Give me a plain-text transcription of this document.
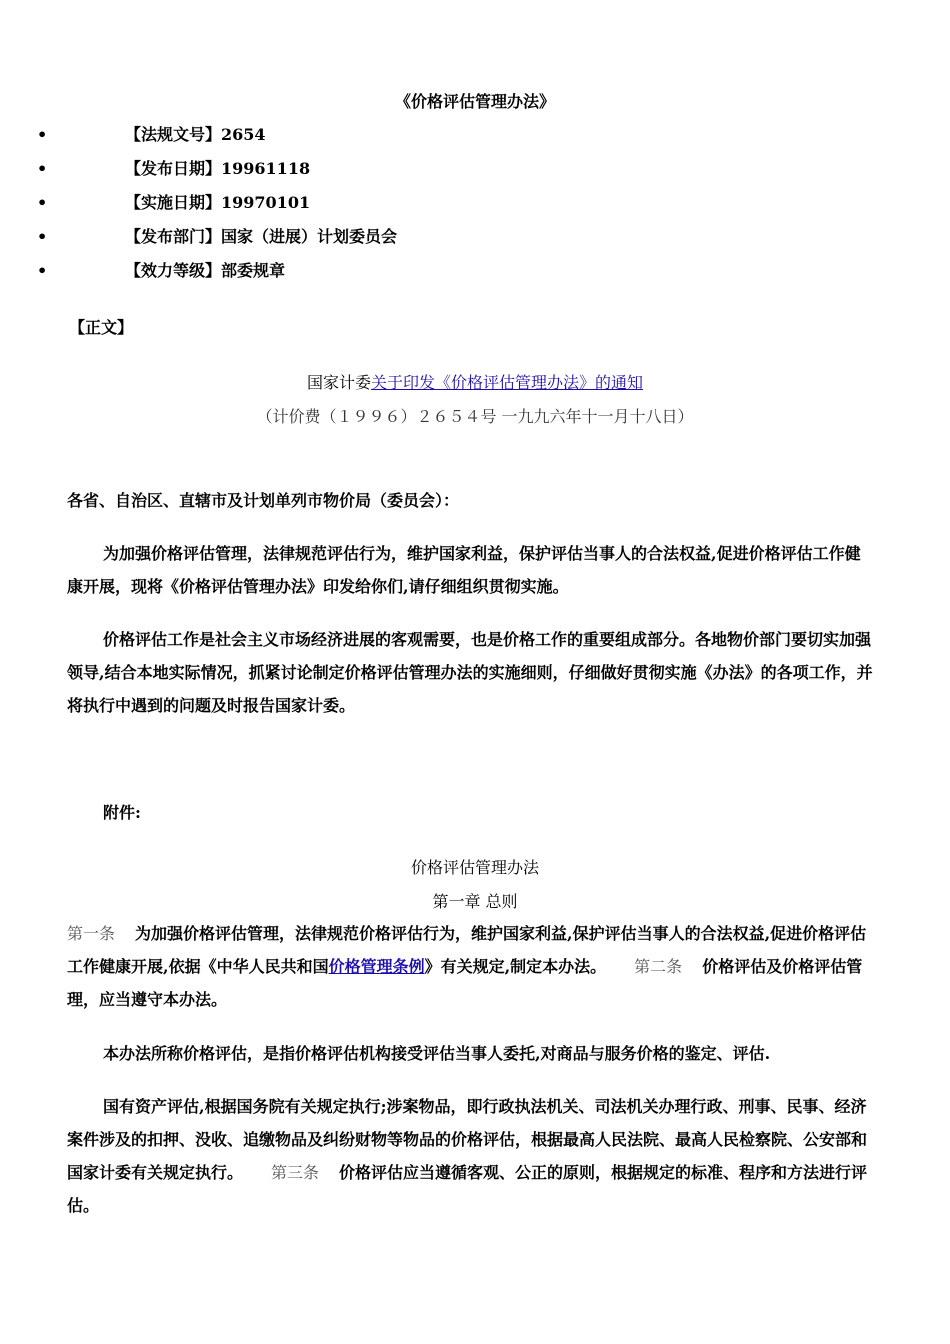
《价格评估管理办法》
•	【法规文号】2654
•	【发布日期】19961118
•	【实施日期】19970101
•	【发布部门】国家（进展）计划委员会
•	【效力等级】部委规章
【正文】
国家计委关于印发《价格评估管理办法》的通知
（计价费（１９９６）２６５４号 一九九六年十一月十八日）
各省、自治区、直辖市及计划单列市物价局（委员会）：
为加强价格评估管理，法律规范评估行为，维护国家利益，保护评估当事人的合法权益,促进价格评估工作健康开展，现将《价格评估管理办法》印发给你们,请仔细组织贯彻实施。
价格评估工作是社会主义市场经济进展的客观需要，也是价格工作的重要组成部分。各地物价部门要切实加强领导,结合本地实际情况，抓紧讨论制定价格评估管理办法的实施细则，仔细做好贯彻实施《办法》的各项工作，并将执行中遇到的问题及时报告国家计委。
附件:
价格评估管理办法
第一章 总则
第一条 为加强价格评估管理，法律规范价格评估行为，维护国家利益,保护评估当事人的合法权益,促进价格评估工作健康开展,依据《中华人民共和国价格管理条例》有关规定,制定本办法。 第二条 价格评估及价格评估管理，应当遵守本办法。
本办法所称价格评估，是指价格评估机构接受评估当事人委托,对商品与服务价格的鉴定、评估.
国有资产评估,根据国务院有关规定执行;涉案物品，即行政执法机关、司法机关办理行政、刑事、民事、经济案件涉及的扣押、没收、追缴物品及纠纷财物等物品的价格评估，根据最高人民法院、最高人民检察院、公安部和国家计委有关规定执行。 第三条 价格评估应当遵循客观、公正的原则，根据规定的标准、程序和方法进行评估。
